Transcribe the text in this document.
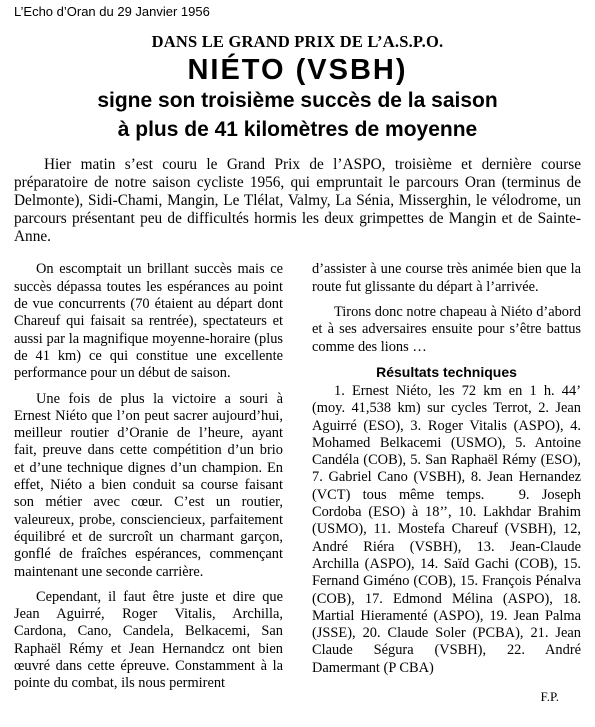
L’Echo d’Oran du 29 Janvier 1956
DANS LE GRAND PRIX DE L’A.S.P.O.
NIÉTO (VSBH)
signe son troisième succès de la saison
à plus de 41 kilomètres de moyenne

Hier matin s’est couru le Grand Prix de l’ASPO, troisième et dernière course préparatoire de notre saison cycliste 1956, qui empruntait le parcours Oran (terminus de Delmonte), Sidi-Chami, Mangin, Le Tlélat, Valmy, La Sénia, Misserghin, le vélodrome, un parcours présentant peu de difficultés hormis les deux grimpettes de Mangin et de Sainte-Anne.

On escomptait un brillant succès mais ce succès dépassa toutes les espérances au point de vue concurrents (70 étaient au départ dont Chareuf qui faisait sa rentrée), spectateurs et aussi par la magnifique moyenne-horaire (plus de 41 km) ce qui constitue une excellente performance pour un début de saison.

Une fois de plus la victoire a souri à Ernest Niéto que l’on peut sacrer aujourd’hui, meilleur routier d’Oranie de l’heure, ayant fait, preuve dans cette compétition d’un brio et d’une technique dignes d’un champion. En effet, Niéto a bien conduit sa course faisant son métier avec cœur. C’est un routier, valeureux, probe, consciencieux, parfaitement équilibré et de surcroît un charmant garçon, gonflé de fraîches espérances, commençant maintenant une seconde carrière.

Cependant, il faut être juste et dire que Jean Aguirré, Roger Vitalis, Archilla, Cardona, Cano, Candela, Belkacemi, San Raphaël Rémy et Jean Hernandcz ont bien œuvré dans cette épreuve. Constamment à la pointe du combat, ils nous permirent

d’assister à une course très animée bien que la route fut glissante du départ à l’arrivée.

Tirons donc notre chapeau à Niéto d’abord et à ses adversaires ensuite pour s’être battus comme des lions …

Résultats techniques
1. Ernest Niéto, les 72 km en 1 h. 44’ (moy. 41,538 km) sur cycles Terrot, 2. Jean Aguirré (ESO), 3. Roger Vitalis (ASPO), 4. Mohamed Belkacemi (USMO), 5. Antoine Candéla (COB), 5. San Raphaël Rémy (ESO), 7. Gabriel Cano (VSBH), 8. Jean Hernandez (VCT) tous même temps. 9. Joseph Cordoba (ESO) à 18’’, 10. Lakhdar Brahim (USMO), 11. Mostefa Chareuf (VSBH), 12, André Riéra (VSBH), 13. Jean-Claude Archilla (ASPO), 14. Saïd Gachi (COB), 15. Fernand Giméno (COB), 15. François Pénalva (COB), 17. Edmond Mélina (ASPO), 18. Martial Hieramenté (ASPO), 19. Jean Palma (JSSE), 20. Claude Soler (PCBA), 21. Jean Claude Ségura (VSBH), 22. André Damermant (P CBA)
F.P.
